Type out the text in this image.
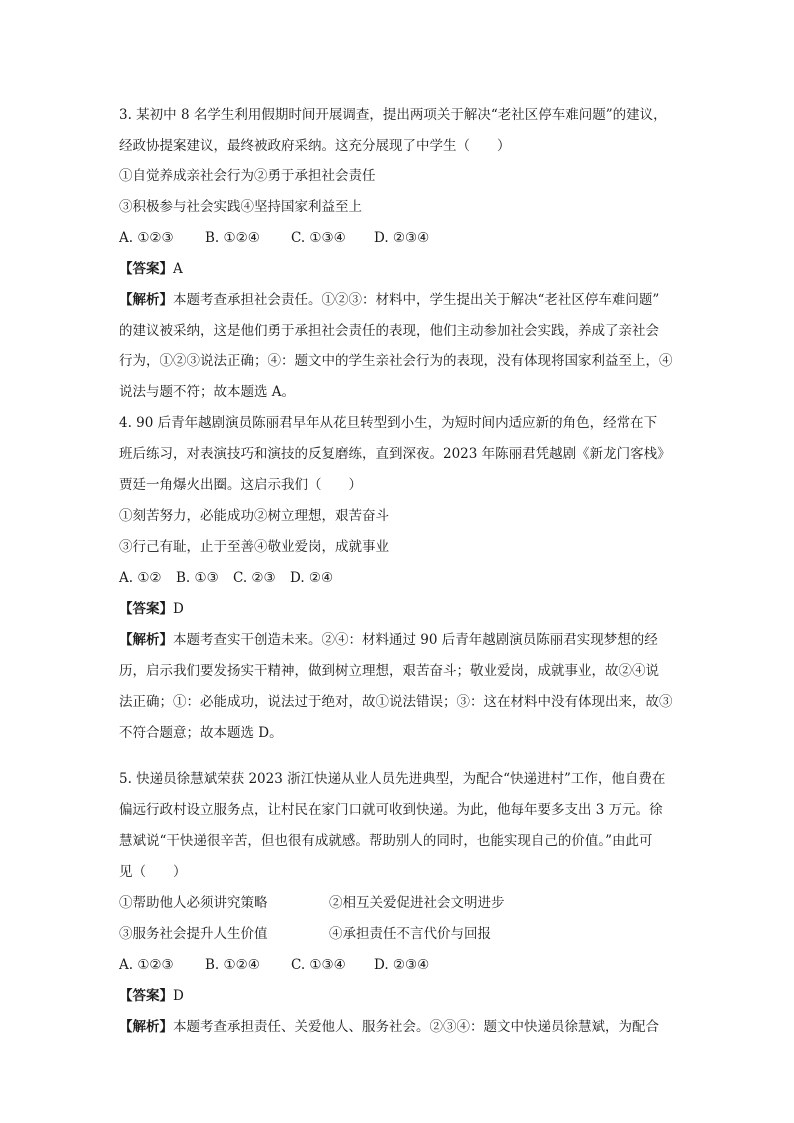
3. 某初中 8 名学生利用假期时间开展调查，提出两项关于解决“老社区停车难问题”的建议，
经政协提案建议，最终被政府采纳。这充分展现了中学生（　　）
①自觉养成亲社会行为②勇于承担社会责任
③积极参与社会实践④坚持国家利益至上
A. ①②③ B. ①②④ C. ①③④ D. ②③④
【答案】A
【解析】本题考查承担社会责任。①②③：材料中，学生提出关于解决“老社区停车难问题”
的建议被采纳，这是他们勇于承担社会责任的表现，他们主动参加社会实践，养成了亲社会
行为，①②③说法正确；④：题文中的学生亲社会行为的表现，没有体现将国家利益至上，④
说法与题不符；故本题选 A。
4. 90 后青年越剧演员陈丽君早年从花旦转型到小生，为短时间内适应新的角色，经常在下
班后练习，对表演技巧和演技的反复磨练，直到深夜。2023 年陈丽君凭越剧《新龙门客栈》
贾廷一角爆火出圈。这启示我们（　　）
①刻苦努力，必能成功②树立理想，艰苦奋斗
③行己有耻，止于至善④敬业爱岗，成就事业
A. ①② B. ①③ C. ②③ D. ②④
【答案】D
【解析】本题考查实干创造未来。②④：材料通过 90 后青年越剧演员陈丽君实现梦想的经
历，启示我们要发扬实干精神，做到树立理想，艰苦奋斗；敬业爱岗，成就事业，故②④说
法正确；①：必能成功，说法过于绝对，故①说法错误；③：这在材料中没有体现出来，故③
不符合题意；故本题选 D。
5. 快递员徐慧斌荣获 2023 浙江快递从业人员先进典型，为配合“快递进村”工作，他自费在
偏远行政村设立服务点，让村民在家门口就可收到快递。为此，他每年要多支出 3 万元。徐
慧斌说“干快递很辛苦，但也很有成就感。帮助别人的同时，也能实现自己的价值。”由此可
见（　　）
①帮助他人必须讲究策略	②相互关爱促进社会文明进步
③服务社会提升人生价值	④承担责任不言代价与回报
A. ①②③ B. ①②④ C. ①③④ D. ②③④
【答案】D
【解析】本题考查承担责任、关爱他人、服务社会。②③④：题文中快递员徐慧斌，为配合
